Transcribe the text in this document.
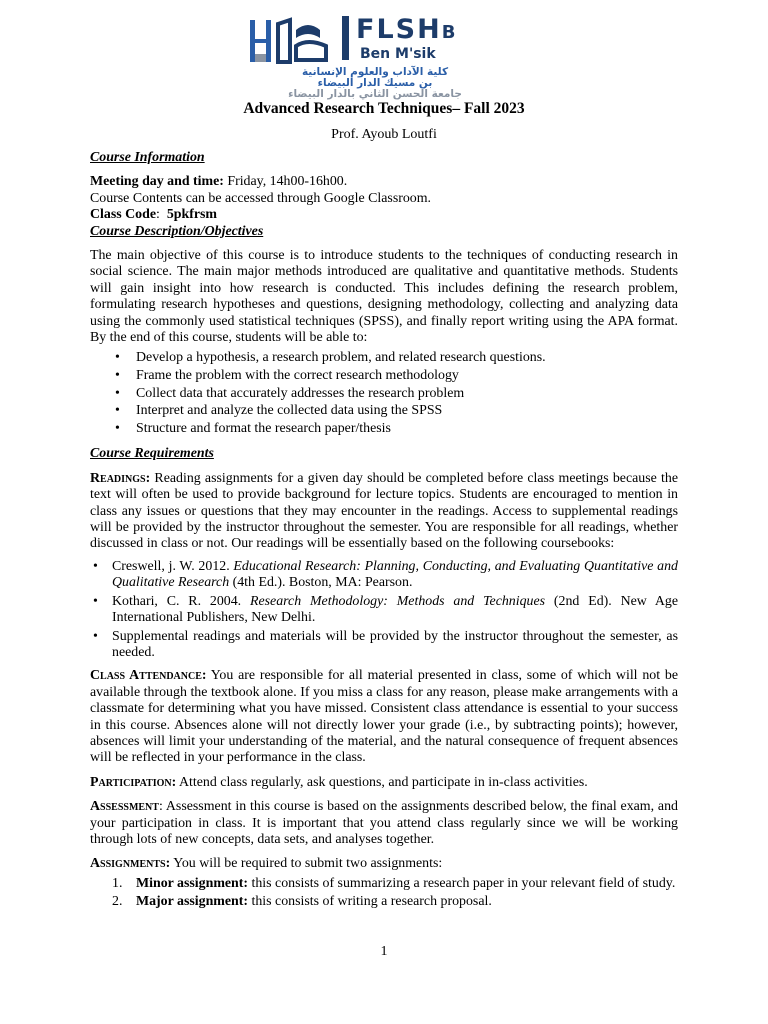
FLSHB
Ben M'sik
كلية الآداب والعلوم الإنسانية
بن مسيك الدار البيضاء
جامعة الحسن الثاني بالدار البيضاء
Advanced Research Techniques– Fall 2023
Prof. Ayoub Loutfi

Course Information

Meeting day and time: Friday, 14h00-16h00.

Course Contents can be accessed through Google Classroom.

Class Code:  5pkfrsm

Course Description/Objectives

The main objective of this course is to introduce students to the techniques of conducting research in social science. The main major methods introduced are qualitative and quantitative methods. Students will gain insight into how research is conducted. This includes defining the research problem, formulating research hypotheses and questions, designing methodology, collecting and analyzing data using the commonly used statistical techniques (SPSS), and finally report writing using the APA format. By the end of this course, students will be able to:

• Develop a hypothesis, a research problem, and related research questions.
• Frame the problem with the correct research methodology
• Collect data that accurately addresses the research problem
• Interpret and analyze the collected data using the SPSS
• Structure and format the research paper/thesis

Course Requirements

Readings: Reading assignments for a given day should be completed before class meetings because the text will often be used to provide background for lecture topics. Students are encouraged to mention in class any issues or questions that they may encounter in the readings. Access to supplemental readings will be provided by the instructor throughout the semester. You are responsible for all readings, whether discussed in class or not. Our readings will be essentially based on the following coursebooks:

• Creswell, j. W. 2012. Educational Research: Planning, Conducting, and Evaluating Quantitative and Qualitative Research (4th Ed.). Boston, MA: Pearson.
• Kothari, C. R. 2004. Research Methodology: Methods and Techniques (2nd Ed). New Age International Publishers, New Delhi.
• Supplemental readings and materials will be provided by the instructor throughout the semester, as needed.

Class Attendance: You are responsible for all material presented in class, some of which will not be available through the textbook alone. If you miss a class for any reason, please make arrangements with a classmate for determining what you have missed. Consistent class attendance is essential to your success in this course. Absences alone will not directly lower your grade (i.e., by subtracting points); however, absences will limit your understanding of the material, and the natural consequence of frequent absences will be reflected in your performance in the class.

Participation: Attend class regularly, ask questions, and participate in in-class activities.

Assessment: Assessment in this course is based on the assignments described below, the final exam, and your participation in class. It is important that you attend class regularly since we will be working through lots of new concepts, data sets, and analyses together.

Assignments: You will be required to submit two assignments:

1. Minor assignment: this consists of summarizing a research paper in your relevant field of study.
2. Major assignment: this consists of writing a research proposal.
1
